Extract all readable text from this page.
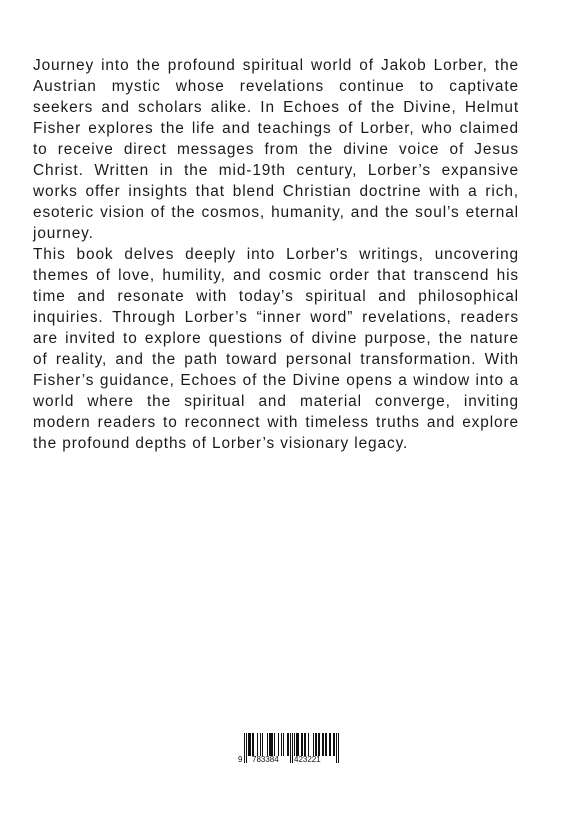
Journey into the profound spiritual world of Jakob Lorber, the Austrian mystic whose revelations continue to captivate seekers and scholars alike. In Echoes of the Divine, Helmut Fisher explores the life and teachings of Lorber, who claimed to receive direct messages from the divine voice of Jesus Christ. Written in the mid-19th century, Lorber’s expansive works offer insights that blend Christian doctrine with a rich, esoteric vision of the cosmos, humanity, and the soul’s eternal journey.

This book delves deeply into Lorber's writings, uncovering themes of love, humility, and cosmic order that transcend his time and resonate with today’s spiritual and philosophical inquiries. Through Lorber’s “inner word” revelations, readers are invited to explore questions of divine purpose, the nature of reality, and the path toward personal transformation. With Fisher’s guidance, Echoes of the Divine opens a window into a world where the spiritual and material converge, inviting modern readers to reconnect with timeless truths and explore the profound depths of Lorber’s visionary legacy.

9 783384 423221
